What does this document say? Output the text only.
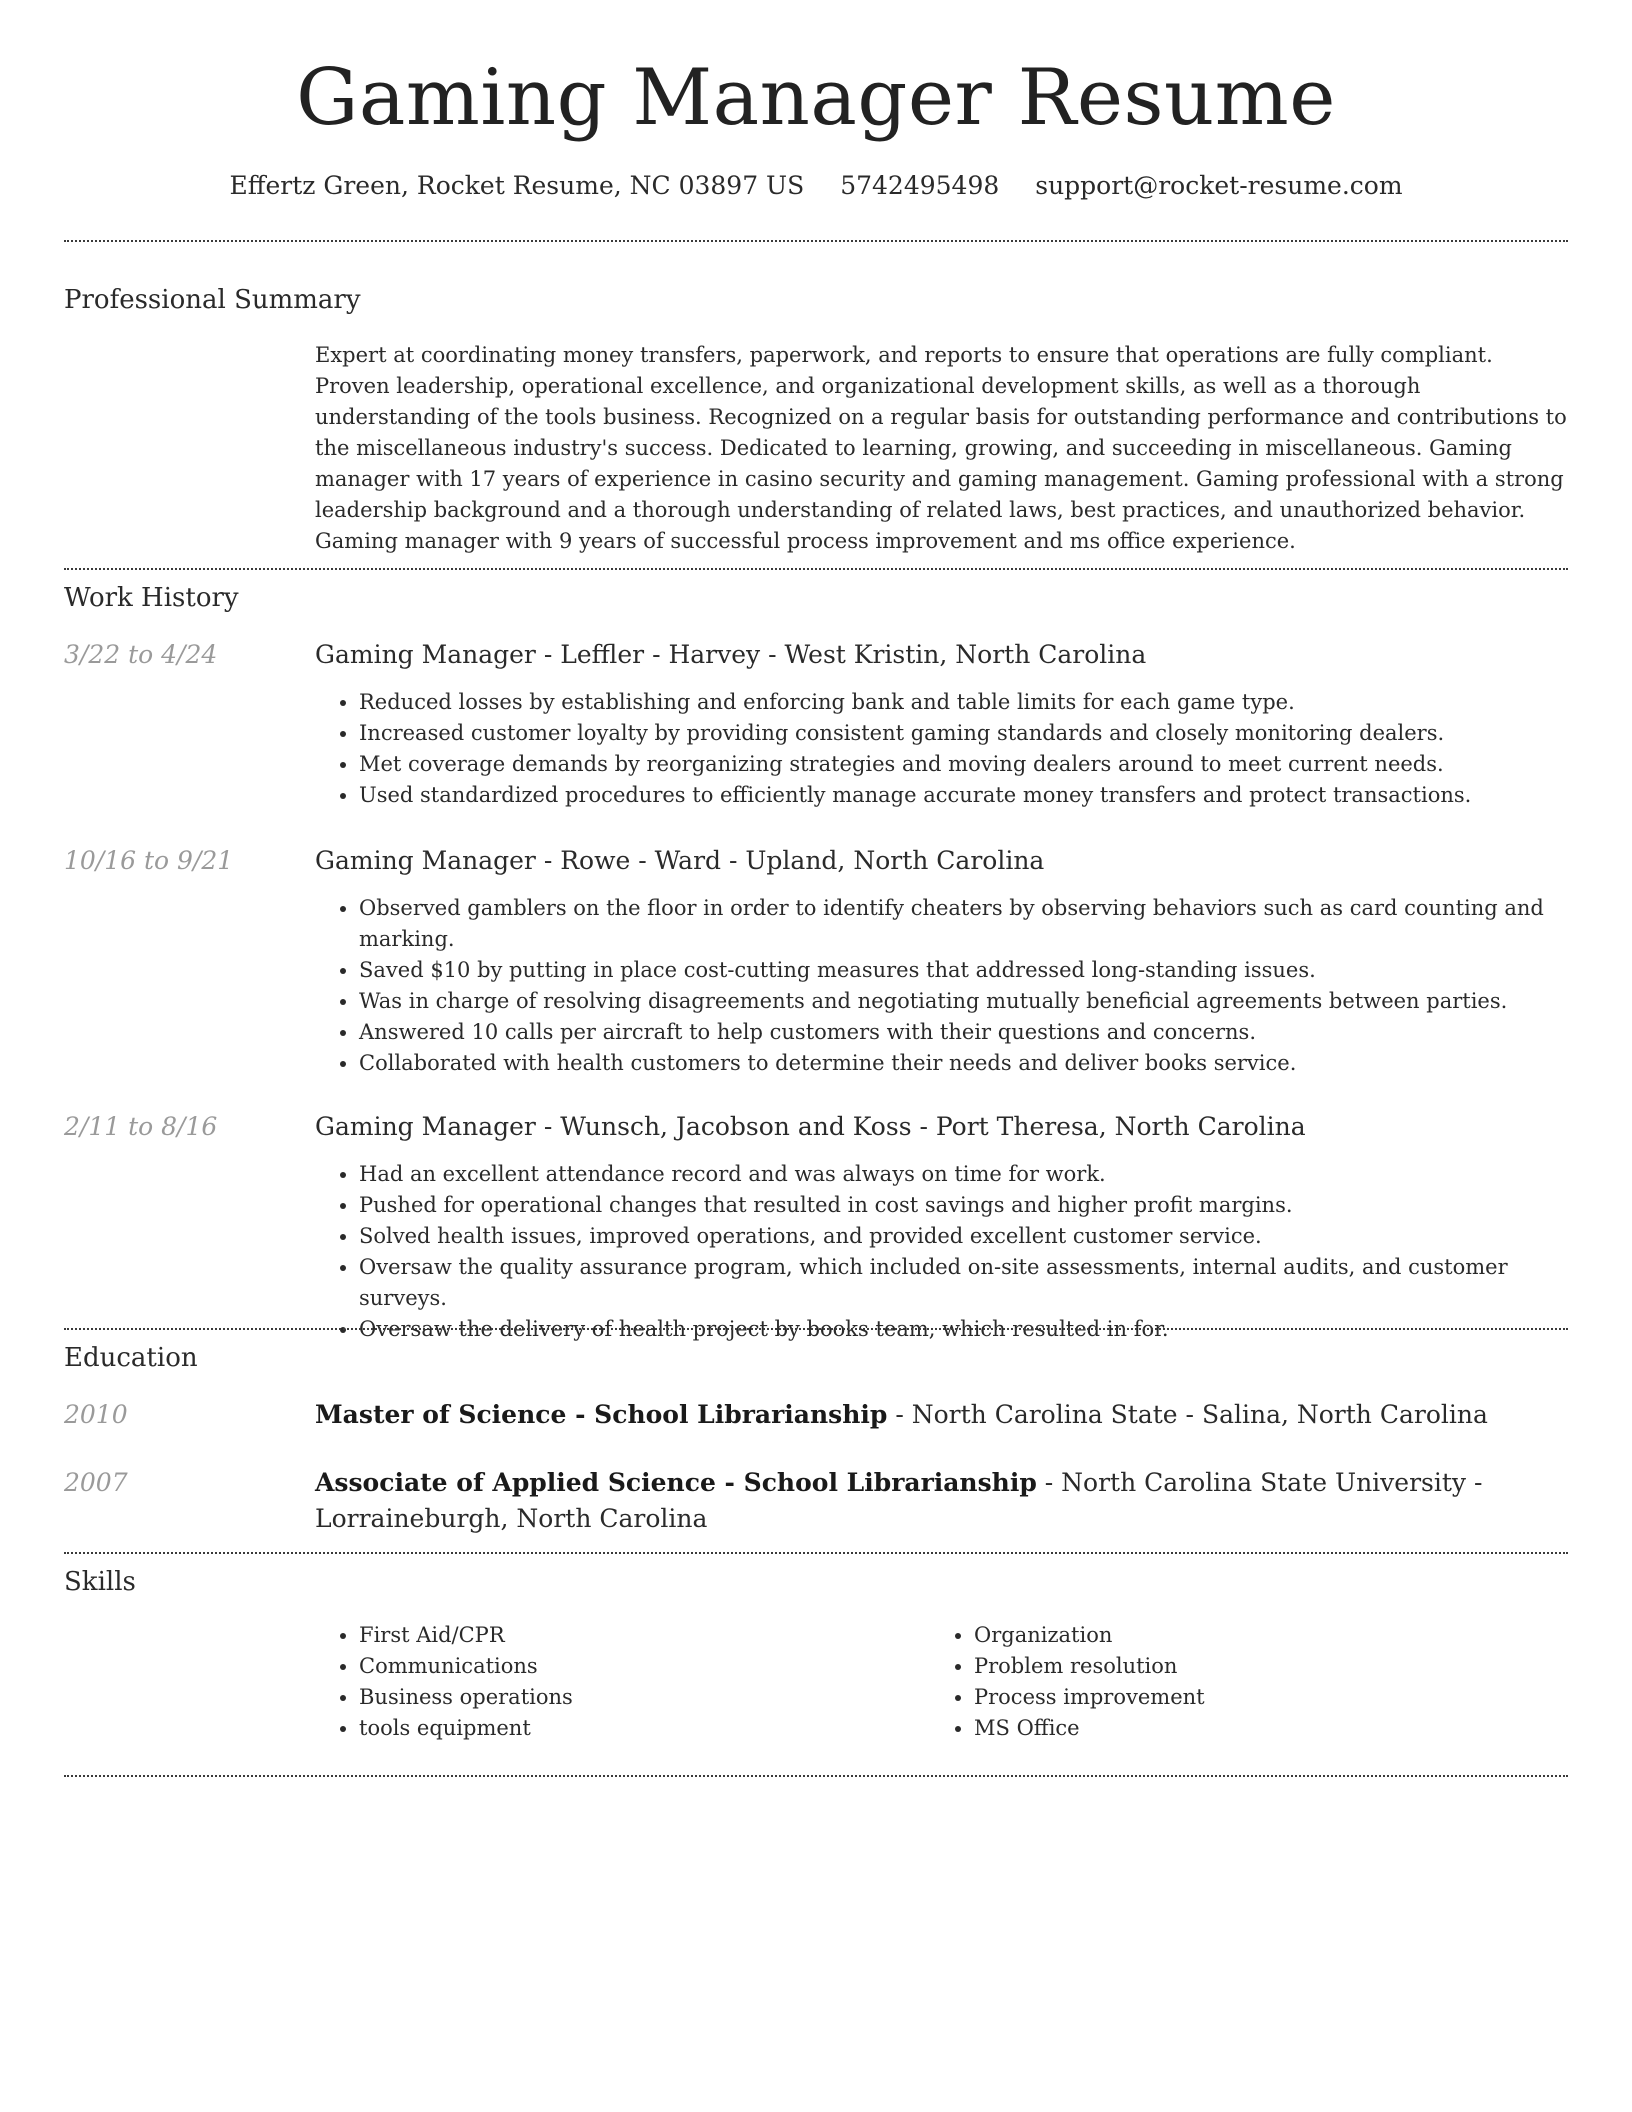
Gaming Manager Resume
Effertz Green, Rocket Resume, NC 03897 US 5742495498 support@rocket-resume.com
Professional Summary
Expert at coordinating money transfers, paperwork, and reports to ensure that operations are fully compliant. Proven leadership, operational excellence, and organizational development skills, as well as a thorough understanding of the tools business. Recognized on a regular basis for outstanding performance and contributions to the miscellaneous industry's success. Dedicated to learning, growing, and succeeding in miscellaneous. Gaming manager with 17 years of experience in casino security and gaming management. Gaming professional with a strong leadership background and a thorough understanding of related laws, best practices, and unauthorized behavior. Gaming manager with 9 years of successful process improvement and ms office experience.
Work History
3/22 to 4/24	Gaming Manager - Leffler - Harvey - West Kristin, North Carolina
• Reduced losses by establishing and enforcing bank and table limits for each game type.
• Increased customer loyalty by providing consistent gaming standards and closely monitoring dealers.
• Met coverage demands by reorganizing strategies and moving dealers around to meet current needs.
• Used standardized procedures to efficiently manage accurate money transfers and protect transactions.
10/16 to 9/21	Gaming Manager - Rowe - Ward - Upland, North Carolina
• Observed gamblers on the floor in order to identify cheaters by observing behaviors such as card counting and marking.
• Saved $10 by putting in place cost-cutting measures that addressed long-standing issues.
• Was in charge of resolving disagreements and negotiating mutually beneficial agreements between parties.
• Answered 10 calls per aircraft to help customers with their questions and concerns.
• Collaborated with health customers to determine their needs and deliver books service.
2/11 to 8/16	Gaming Manager - Wunsch, Jacobson and Koss - Port Theresa, North Carolina
• Had an excellent attendance record and was always on time for work.
• Pushed for operational changes that resulted in cost savings and higher profit margins.
• Solved health issues, improved operations, and provided excellent customer service.
• Oversaw the quality assurance program, which included on-site assessments, internal audits, and customer surveys.
• Oversaw the delivery of health project by books team, which resulted in for.
Education
2010	Master of Science - School Librarianship - North Carolina State - Salina, North Carolina
2007	Associate of Applied Science - School Librarianship - North Carolina State University - Lorraineburgh, North Carolina
Skills
• First Aid/CPR
• Communications
• Business operations
• tools equipment
• Organization
• Problem resolution
• Process improvement
• MS Office
